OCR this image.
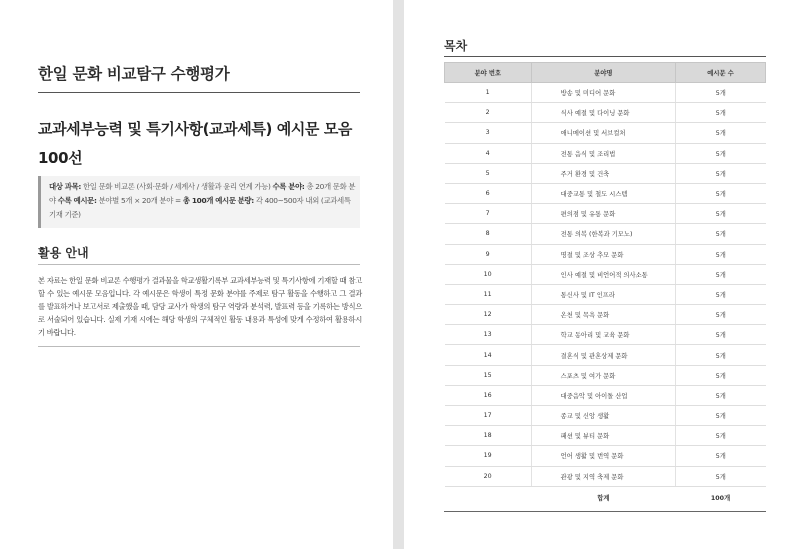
한일 문화 비교탐구 수행평가
교과세부능력 및 특기사항(교과세특) 예시문 모음 100선
대상 과목: 한일 문화 비교론 (사회·문화 / 세계사 / 생활과 윤리 연계 가능) 수록 분야: 총 20개 문화 분야 수록 예시문: 분야별 5개 × 20개 분야 = 총 100개 예시문 분량: 각 400~500자 내외 (교과세특 기재 기준)
활용 안내
본 자료는 한일 문화 비교론 수행평가 결과물을 학교생활기록부 교과세부능력 및 특기사항에 기재할 때 참고할 수 있는 예시문 모음입니다. 각 예시문은 학생이 특정 문화 분야를 주제로 탐구 활동을 수행하고 그 결과를 발표하거나 보고서로 제출했을 때, 담당 교사가 학생의 탐구 역량과 분석력, 발표력 등을 기록하는 방식으로 서술되어 있습니다. 실제 기재 시에는 해당 학생의 구체적인 활동 내용과 특성에 맞게 수정하여 활용하시기 바랍니다.
목차
분야 번호	분야명	예시문 수
1	방송 및 미디어 문화	5개
2	식사 예절 및 다이닝 문화	5개
3	애니메이션 및 서브컬처	5개
4	전통 음식 및 조리법	5개
5	주거 환경 및 건축	5개
6	대중교통 및 철도 시스템	5개
7	편의점 및 유통 문화	5개
8	전통 의복 (한복과 기모노)	5개
9	명절 및 조상 추모 문화	5개
10	인사 예절 및 비언어적 의사소통	5개
11	통신사 및 IT 인프라	5개
12	온천 및 목욕 문화	5개
13	학교 동아리 및 교육 문화	5개
14	결혼식 및 관혼상제 문화	5개
15	스포츠 및 여가 문화	5개
16	대중음악 및 아이돌 산업	5개
17	종교 및 신앙 생활	5개
18	패션 및 뷰티 문화	5개
19	언어 생활 및 번역 문화	5개
20	관광 및 지역 축제 문화	5개
	합계	100개
